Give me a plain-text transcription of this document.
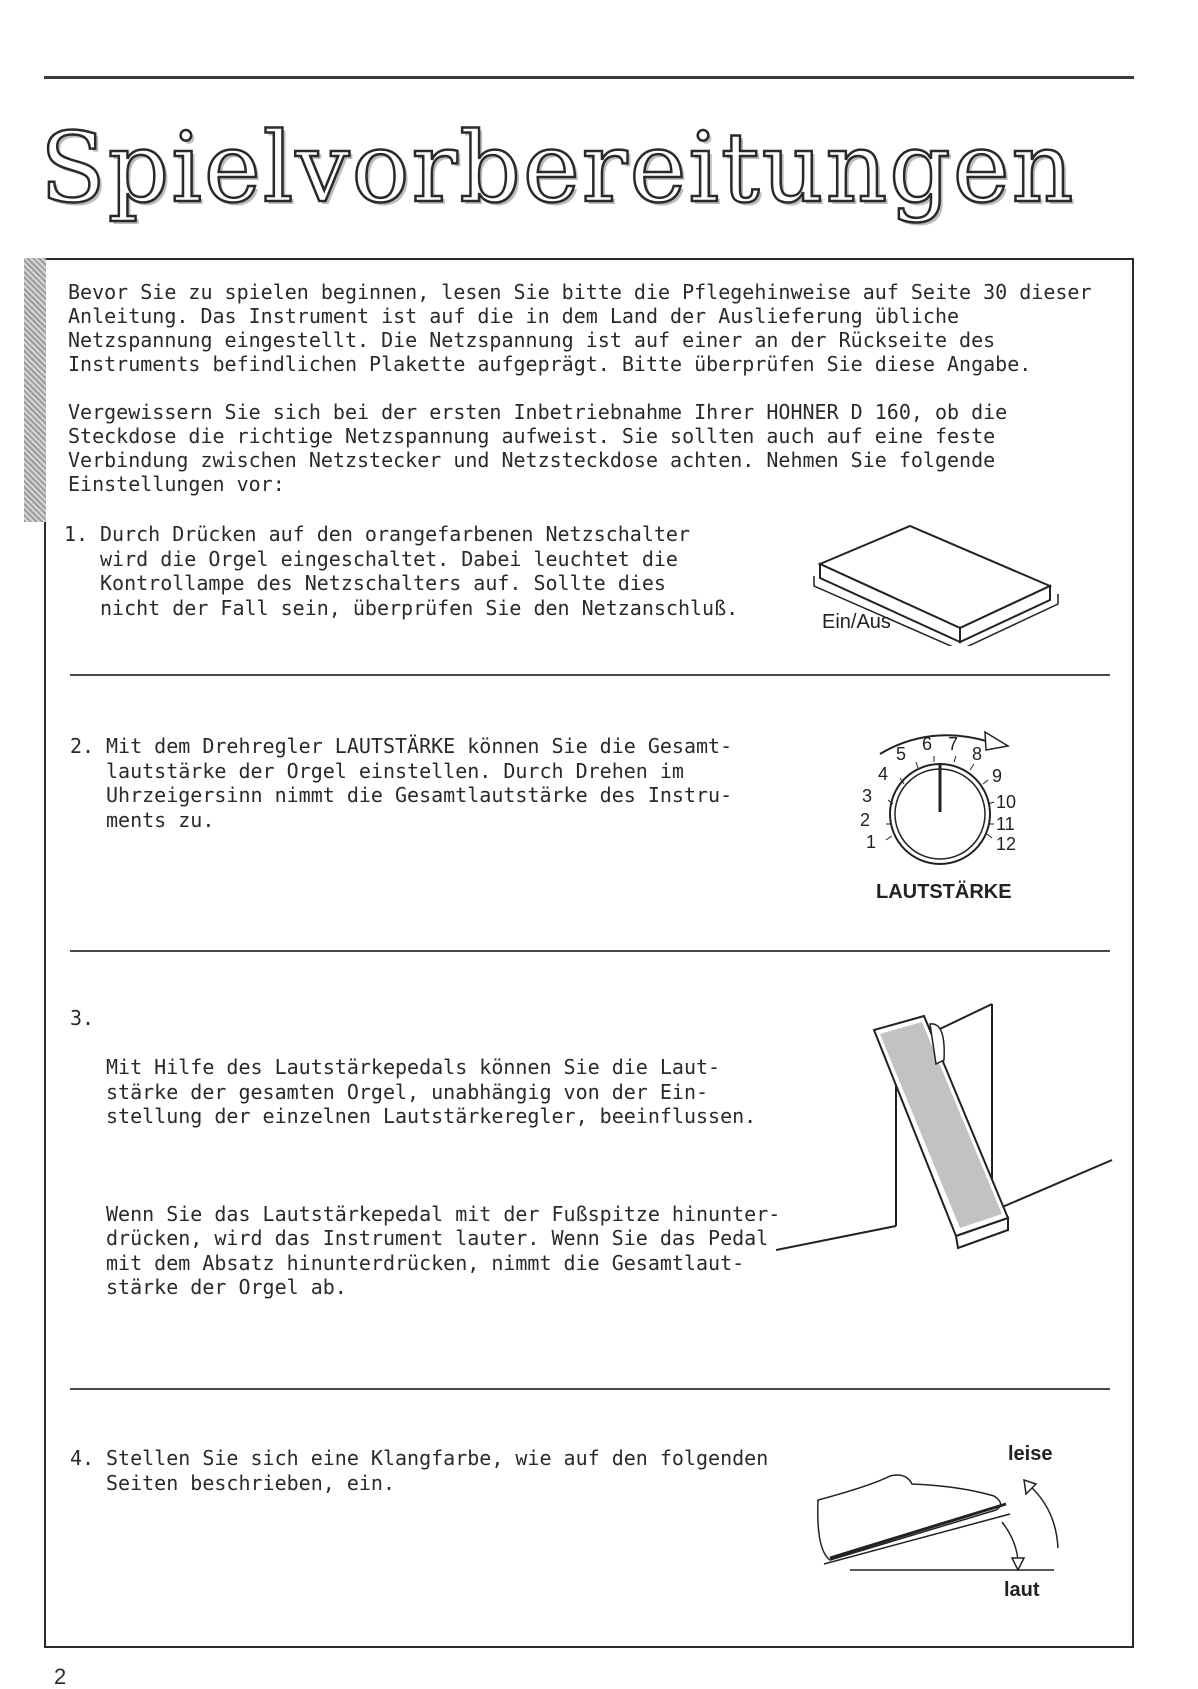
Spielvorbereitungen

Bevor Sie zu spielen beginnen, lesen Sie bitte die Pflegehinweise auf Seite 30 dieser Anleitung. Das Instrument ist auf die in dem Land der Auslieferung übliche Netzspannung eingestellt. Die Netzspannung ist auf einer an der Rückseite des Instruments befindlichen Plakette aufgeprägt. Bitte überprüfen Sie diese Angabe.

Vergewissern Sie sich bei der ersten Inbetriebnahme Ihrer HOHNER D 160, ob die Steckdose die richtige Netzspannung aufweist. Sie sollten auch auf eine feste Verbindung zwischen Netzstecker und Netzsteckdose achten. Nehmen Sie folgende Einstellungen vor:

1. Durch Drücken auf den orangefarbenen Netzschalter
wird die Orgel eingeschaltet. Dabei leuchtet die
Kontrollampe des Netzschalters auf. Sollte dies
nicht der Fall sein, überprüfen Sie den Netzanschluß.
Ein/Aus
2. Mit dem Drehregler LAUTSTÄRKE können Sie die Gesamt-
lautstärke der Orgel einstellen. Durch Drehen im
Uhrzeigersinn nimmt die Gesamtlautstärke des Instru-
ments zu.
1
2
3
4
5 6 7 8
9
10
11
12
LAUTSTÄRKE
3.

Mit Hilfe des Lautstärkepedals können Sie die Laut-
stärke der gesamten Orgel, unabhängig von der Ein-
stellung der einzelnen Lautstärkeregler, beeinflussen.

Wenn Sie das Lautstärkepedal mit der Fußspitze hinunter-
drücken, wird das Instrument lauter. Wenn Sie das Pedal
mit dem Absatz hinunterdrücken, nimmt die Gesamtlaut-
stärke der Orgel ab.

4. Stellen Sie sich eine Klangfarbe, wie auf den folgenden
Seiten beschrieben, ein.
leise
laut
2
